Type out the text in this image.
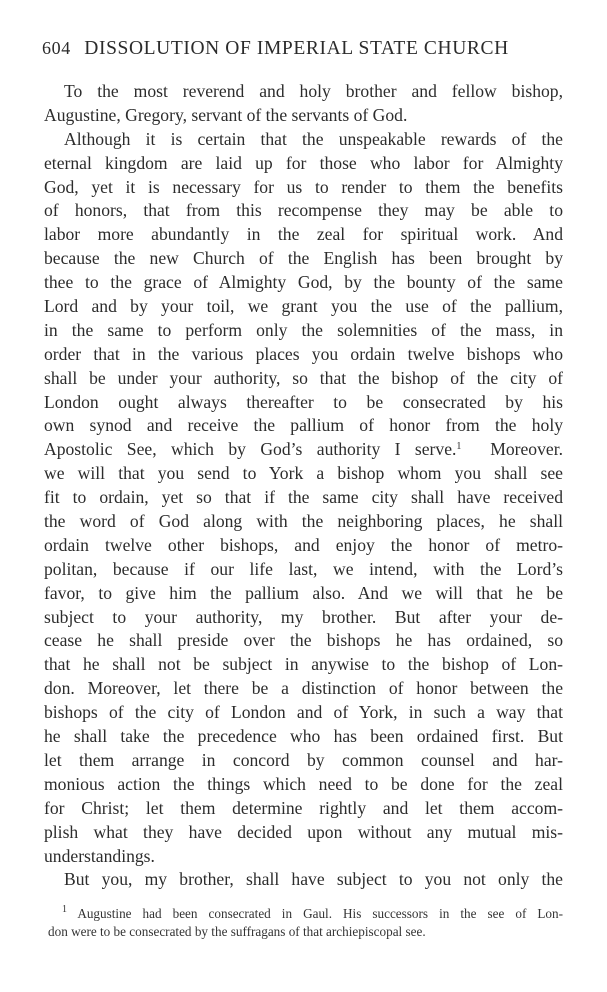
604 DISSOLUTION OF IMPERIAL STATE CHURCH
To the most reverend and holy brother and fellow bishop,
Augustine, Gregory, servant of the servants of God.
Although it is certain that the unspeakable rewards of the
eternal kingdom are laid up for those who labor for Almighty
God, yet it is necessary for us to render to them the benefits
of honors, that from this recompense they may be able to
labor more abundantly in the zeal for spiritual work. And
because the new Church of the English has been brought by
thee to the grace of Almighty God, by the bounty of the same
Lord and by your toil, we grant you the use of the pallium,
in the same to perform only the solemnities of the mass, in
order that in the various places you ordain twelve bishops who
shall be under your authority, so that the bishop of the city of
London ought always thereafter to be consecrated by his
own synod and receive the pallium of honor from the holy
Apostolic See, which by God’s authority I serve.$^1$  Moreover.
we will that you send to York a bishop whom you shall see
fit to ordain, yet so that if the same city shall have received
the word of God along with the neighboring places, he shall
ordain twelve other bishops, and enjoy the honor of metro-
politan, because if our life last, we intend, with the Lord’s
favor, to give him the pallium also. And we will that he be
subject to your authority, my brother. But after your de-
cease he shall preside over the bishops he has ordained, so
that he shall not be subject in anywise to the bishop of Lon-
don. Moreover, let there be a distinction of honor between the
bishops of the city of London and of York, in such a way that
he shall take the precedence who has been ordained first. But
let them arrange in concord by common counsel and har-
monious action the things which need to be done for the zeal
for Christ; let them determine rightly and let them accom-
plish what they have decided upon without any mutual mis-
understandings.
But you, my brother, shall have subject to you not only the
$^1$ Augustine had been consecrated in Gaul. His successors in the see of Lon-
don were to be consecrated by the suffragans of that archiepiscopal see.
